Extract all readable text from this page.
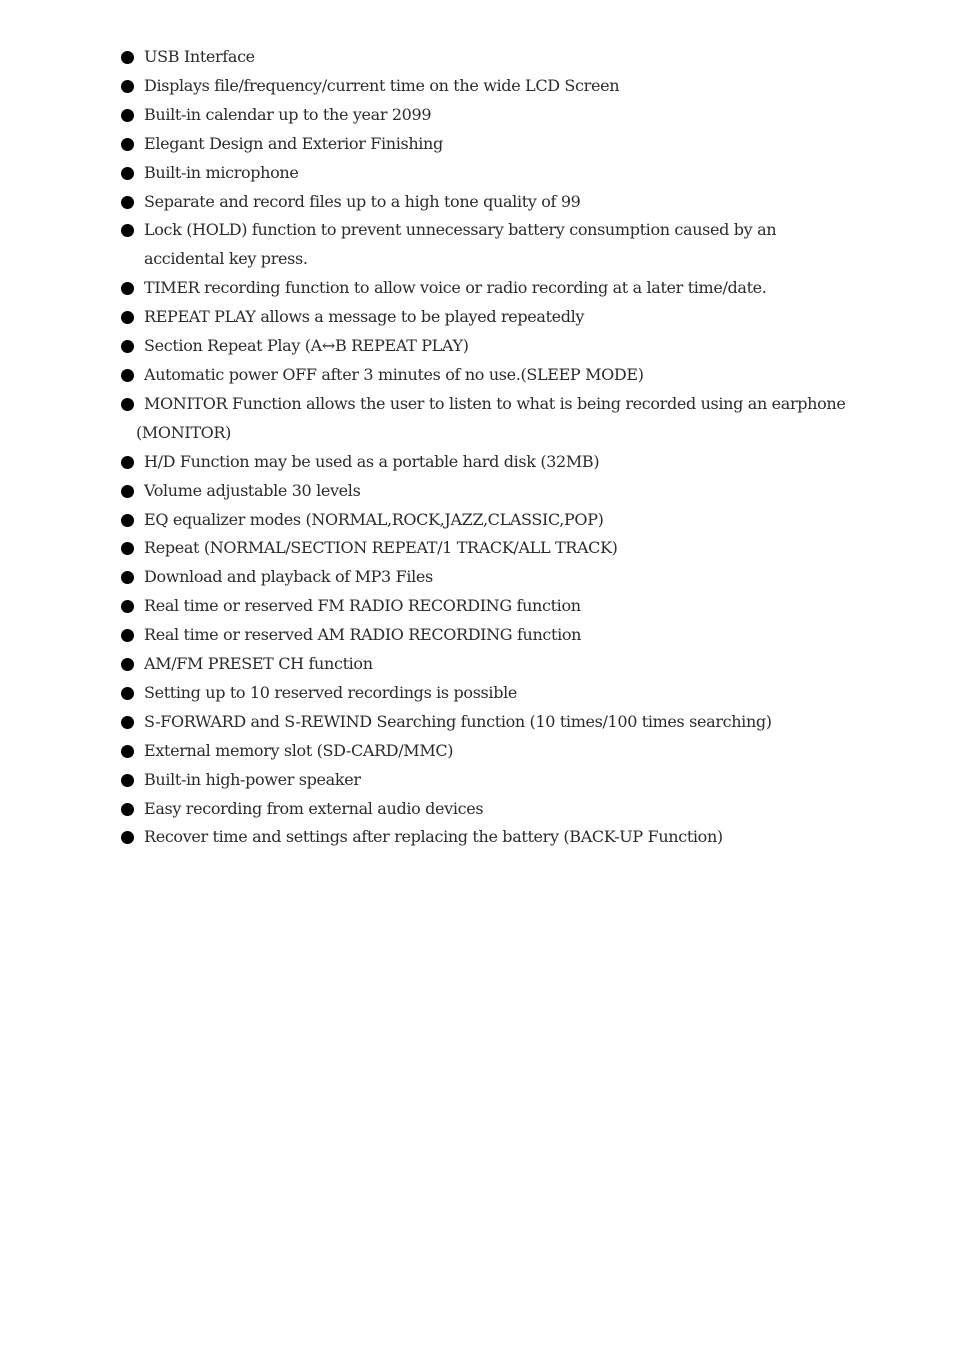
USB Interface
Displays file/frequency/current time on the wide LCD Screen
Built-in calendar up to the year 2099
Elegant Design and Exterior Finishing
Built-in microphone
Separate and record files up to a high tone quality of 99
Lock (HOLD) function to prevent unnecessary battery consumption caused by an
accidental key press.
TIMER recording function to allow voice or radio recording at a later time/date.
REPEAT PLAY allows a message to be played repeatedly
Section Repeat Play (A↔B REPEAT PLAY)
Automatic power OFF after 3 minutes of no use.(SLEEP MODE)
MONITOR Function allows the user to listen to what is being recorded using an earphone
(MONITOR)
H/D Function may be used as a portable hard disk (32MB)
Volume adjustable 30 levels
EQ equalizer modes (NORMAL,ROCK,JAZZ,CLASSIC,POP)
Repeat (NORMAL/SECTION REPEAT/1 TRACK/ALL TRACK)
Download and playback of MP3 Files
Real time or reserved FM RADIO RECORDING function
Real time or reserved AM RADIO RECORDING function
AM/FM PRESET CH function
Setting up to 10 reserved recordings is possible
S-FORWARD and S-REWIND Searching function (10 times/100 times searching)
External memory slot (SD-CARD/MMC)
Built-in high-power speaker
Easy recording from external audio devices
Recover time and settings after replacing the battery (BACK-UP Function)
